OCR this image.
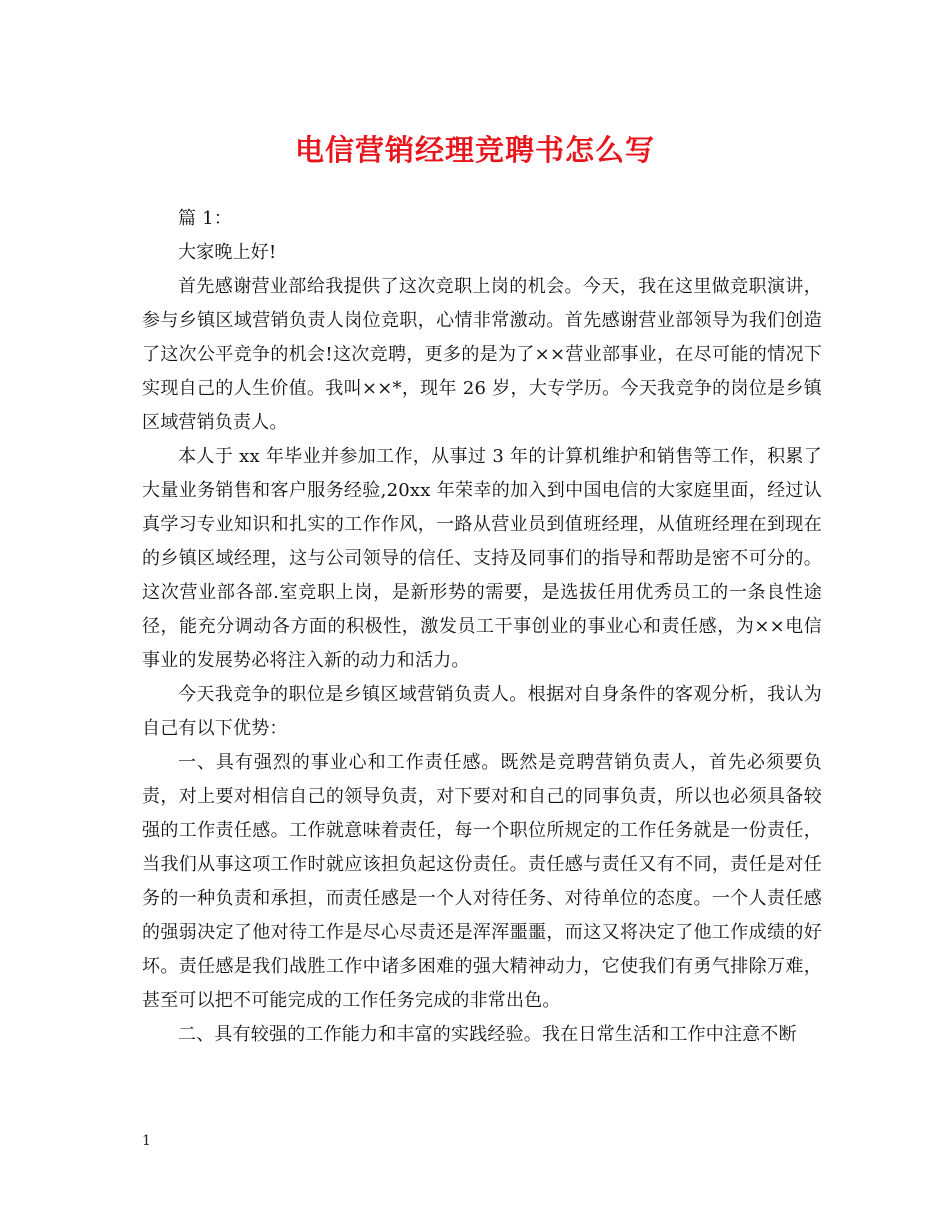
电信营销经理竞聘书怎么写

篇 1：

大家晚上好!

首先感谢营业部给我提供了这次竞职上岗的机会。今天，我在这里做竞职演讲，参与乡镇区域营销负责人岗位竞职，心情非常激动。首先感谢营业部领导为我们创造了这次公平竞争的机会!这次竞聘，更多的是为了××营业部事业，在尽可能的情况下实现自己的人生价值。我叫××*，现年 26 岁，大专学历。今天我竞争的岗位是乡镇区域营销负责人。

本人于 xx 年毕业并参加工作，从事过 3 年的计算机维护和销售等工作，积累了大量业务销售和客户服务经验,20xx 年荣幸的加入到中国电信的大家庭里面，经过认真学习专业知识和扎实的工作作风，一路从营业员到值班经理，从值班经理在到现在的乡镇区域经理，这与公司领导的信任、支持及同事们的指导和帮助是密不可分的。这次营业部各部.室竞职上岗，是新形势的需要，是选拔任用优秀员工的一条良性途径，能充分调动各方面的积极性，激发员工干事创业的事业心和责任感，为××电信事业的发展势必将注入新的动力和活力。

今天我竞争的职位是乡镇区域营销负责人。根据对自身条件的客观分析，我认为自己有以下优势：

一、具有强烈的事业心和工作责任感。既然是竞聘营销负责人，首先必须要负责，对上要对相信自己的领导负责，对下要对和自己的同事负责，所以也必须具备较强的工作责任感。工作就意味着责任，每一个职位所规定的工作任务就是一份责任，当我们从事这项工作时就应该担负起这份责任。责任感与责任又有不同，责任是对任务的一种负责和承担，而责任感是一个人对待任务、对待单位的态度。一个人责任感的强弱决定了他对待工作是尽心尽责还是浑浑噩噩，而这又将决定了他工作成绩的好坏。责任感是我们战胜工作中诸多困难的强大精神动力，它使我们有勇气排除万难，甚至可以把不可能完成的工作任务完成的非常出色。

二、具有较强的工作能力和丰富的实践经验。我在日常生活和工作中注意不断

1
